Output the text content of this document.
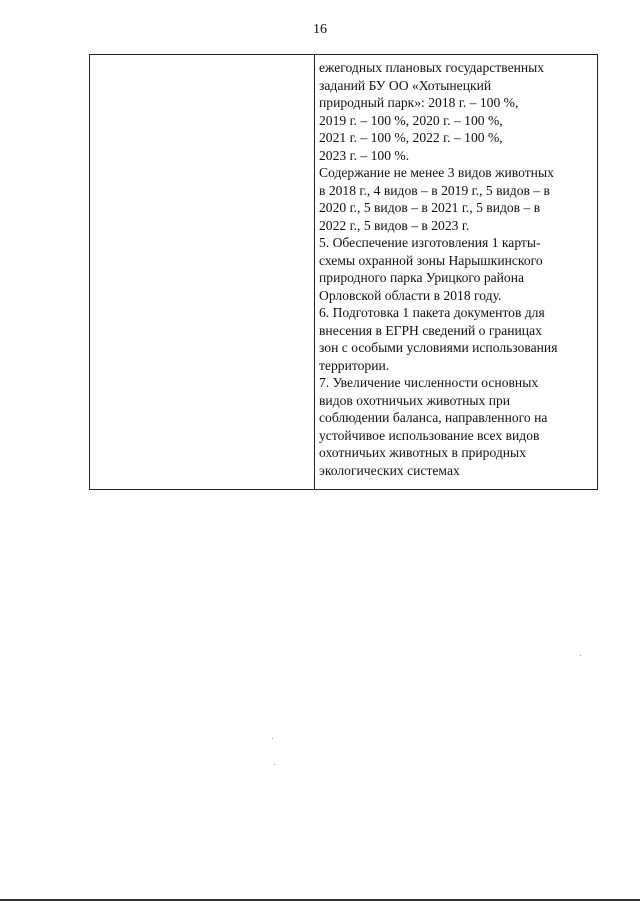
16
ежегодных плановых государственных
заданий БУ ОО «Хотынецкий
природный парк»: 2018 г. – 100 %,
2019 г. – 100 %, 2020 г. – 100 %,
2021 г. – 100 %, 2022 г. – 100 %,
2023 г. – 100 %.
Содержание не менее 3 видов животных
в 2018 г., 4 видов – в 2019 г., 5 видов – в
2020 г., 5 видов – в 2021 г., 5 видов – в
2022 г., 5 видов – в 2023 г.
5. Обеспечение изготовления 1 карты-
схемы охранной зоны Нарышкинского
природного парка Урицкого района
Орловской области в 2018 году.
6. Подготовка 1 пакета документов для
внесения в ЕГРН сведений о границах
зон с особыми условиями использования
территории.
7. Увеличение численности основных
видов охотничьих животных при
соблюдении баланса, направленного на
устойчивое использование всех видов
охотничьих животных в природных
экологических системах
